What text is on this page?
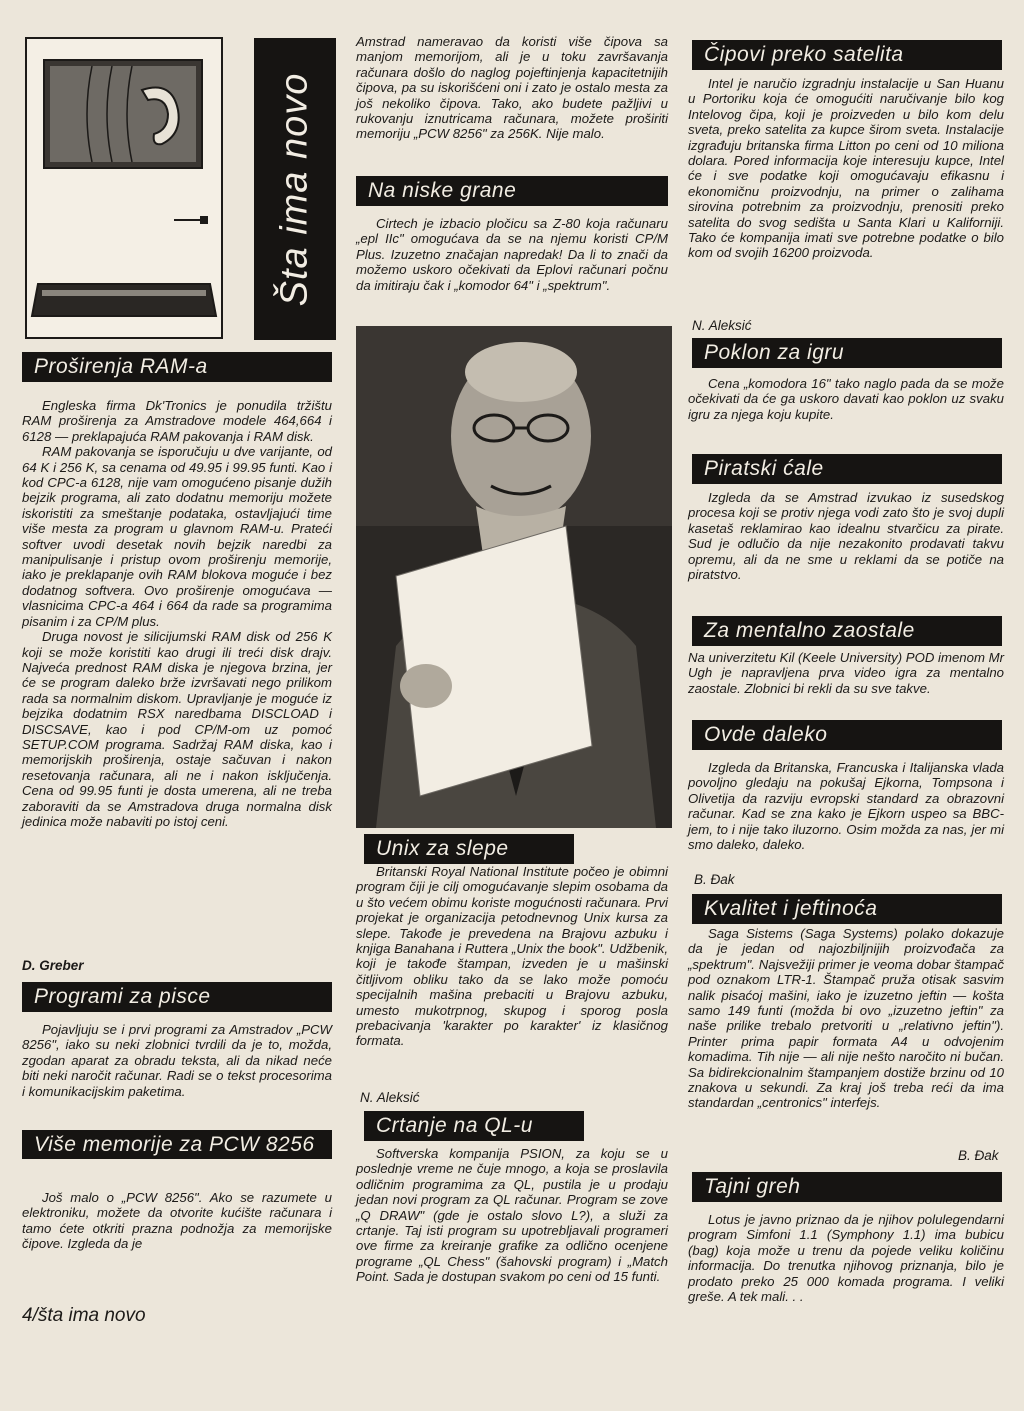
Šta ima novo
Proširenja RAM-a

Engleska firma Dk'Tronics je ponudila tržištu RAM proširenja za Amstradove modele 464,664 i 6128 — preklapajuća RAM pakovanja i RAM disk.

RAM pakovanja se isporučuju u dve varijante, od 64 K i 256 K, sa cenama od 49.95 i 99.95 funti. Kao i kod CPC-a 6128, nije vam omogućeno pisanje dužih bejzik programa, ali zato dodatnu memoriju možete iskoristiti za smeštanje podataka, ostavljajući time više mesta za program u glavnom RAM-u. Prateći softver uvodi desetak novih bejzik naredbi za manipulisanje i pristup ovom proširenju memorije, iako je preklapanje ovih RAM blokova moguće i bez dodatnog softvera. Ovo proširenje omogućava — vlasnicima CPC-a 464 i 664 da rade sa programima pisanim i za CP/M plus.

Druga novost je silicijumski RAM disk od 256 K koji se može koristiti kao drugi ili treći disk drajv. Najveća prednost RAM diska je njegova brzina, jer će se program daleko brže izvršavati nego prilikom rada sa normalnim diskom. Upravljanje je moguće iz bejzika dodatnim RSX naredbama DISCLOAD i DISCSAVE, kao i pod CP/M-om uz pomoć SETUP.COM programa. Sadržaj RAM diska, kao i memorijskih proširenja, ostaje sačuvan i nakon resetovanja računara, ali ne i nakon isključenja. Cena od 99.95 funti je dosta umerena, ali ne treba zaboraviti da se Amstradova druga normalna disk jedinica može nabaviti po istoj ceni.

D. Greber
Programi za pisce

Pojavljuju se i prvi programi za Amstradov „PCW 8256", iako su neki zlobnici tvrdili da je to, možda, zgodan aparat za obradu teksta, ali da nikad neće biti neki naročit računar. Radi se o tekst procesorima i komunikacijskim paketima.

Više memorije za PCW 8256

Još malo o „PCW 8256". Ako se razumete u elektroniku, možete da otvorite kućište računara i tamo ćete otkriti prazna podnožja za memorijske čipove. Izgleda da je

4/šta ima novo

Amstrad nameravao da koristi više čipova sa manjom memorijom, ali je u toku završavanja računara došlo do naglog pojeftinjenja kapacitetnijih čipova, pa su iskorišćeni oni i zato je ostalo mesta za još nekoliko čipova. Tako, ako budete pažljivi u rukovanju iznutricama računara, možete proširiti memoriju „PCW 8256" za 256K. Nije malo.

Na niske grane

Cirtech je izbacio pločicu sa Z-80 koja računaru „epl IIc" omogućava da se na njemu koristi CP/M Plus. Izuzetno značajan napredak! Da li to znači da možemo uskoro očekivati da Eplovi računari počnu da imitiraju čak i „komodor 64" i „spektrum".

Unix za slepe

Britanski Royal National Institute počeo je obimni program čiji je cilj omogućavanje slepim osobama da u što većem obimu koriste mogućnosti računara. Prvi projekat je organizacija petodnevnog Unix kursa za slepe. Takođe je prevedena na Brajovu azbuku i knjiga Banahana i Ruttera „Unix the book". Udžbenik, koji je takođe štampan, izveden je u mašinski čitljivom obliku tako da se lako može pomoću specijalnih mašina prebaciti u Brajovu azbuku, umesto mukotrpnog, skupog i sporog posla prebacivanja 'karakter po karakter' iz klasičnog formata.

N. Aleksić
Crtanje na QL-u

Softverska kompanija PSION, za koju se u poslednje vreme ne čuje mnogo, a koja se proslavila odličnim programima za QL, pustila je u prodaju jedan novi program za QL računar. Program se zove „Q DRAW" (gde je ostalo slovo L?), a služi za crtanje. Taj isti program su upotrebljavali programeri ove firme za kreiranje grafike za odlično ocenjene programe „QL Chess" (šahovski program) i „Match Point. Sada je dostupan svakom po ceni od 15 funti.

Čipovi preko satelita

Intel je naručio izgradnju instalacije u San Huanu u Portoriku koja će omogućiti naručivanje bilo kog Intelovog čipa, koji je proizveden u bilo kom delu sveta, preko satelita za kupce širom sveta. Instalacije izgrađuju britanska firma Litton po ceni od 10 miliona dolara. Pored informacija koje interesuju kupce, Intel će i sve podatke koji omogućavaju efikasnu i ekonomičnu proizvodnju, na primer o zalihama sirovina potrebnim za proizvodnju, prenositi preko satelita do svog sedišta u Santa Klari u Kaliforniji. Tako će kompanija imati sve potrebne podatke o bilo kom od svojih 16200 proizvoda.

N. Aleksić
Poklon za igru

Cena „komodora 16" tako naglo pada da se može očekivati da će ga uskoro davati kao poklon uz svaku igru za njega koju kupite.

Piratski ćale

Izgleda da se Amstrad izvukao iz susedskog procesa koji se protiv njega vodi zato što je svoj dupli kasetaš reklamirao kao idealnu stvarčicu za pirate. Sud je odlučio da nije nezakonito prodavati takvu opremu, ali da ne sme u reklami da se potiče na piratstvo.

Za mentalno zaostale

Na univerzitetu Kil (Keele University) POD imenom Mr Ugh je napravljena prva video igra za mentalno zaostale. Zlobnici bi rekli da su sve takve.

Ovde daleko

Izgleda da Britanska, Francuska i Italijanska vlada povoljno gledaju na pokušaj Ejkorna, Tompsona i Olivetija da razviju evropski standard za obrazovni računar. Kad se zna kako je Ejkorn uspeo sa BBC-jem, to i nije tako iluzorno. Osim možda za nas, jer mi smo daleko, daleko.

B. Đak
Kvalitet i jeftinoća

Saga Sistems (Saga Systems) polako dokazuje da je jedan od najozbiljnijih proizvođača za „spektrum". Najsvežiji primer je veoma dobar štampač pod oznakom LTR-1. Štampač pruža otisak sasvim nalik pisaćoj mašini, iako je izuzetno jeftin — košta samo 149 funti (možda bi ovo „izuzetno jeftin" za naše prilike trebalo pretvoriti u „relativno jeftin"). Printer prima papir formata A4 u odvojenim komadima. Tih nije — ali nije nešto naročito ni bučan. Sa bidirekcionalnim štampanjem dostiže brzinu od 10 znakova u sekundi. Za kraj još treba reći da ima standardan „centronics" interfejs.

B. Đak
Tajni greh

Lotus je javno priznao da je njihov polulegendarni program Simfoni 1.1 (Symphony 1.1) ima bubicu (bag) koja može u trenu da pojede veliku količinu informacija. Do trenutka njihovog priznanja, bilo je prodato preko 25 000 komada programa. I veliki greše. A tek mali. . .
